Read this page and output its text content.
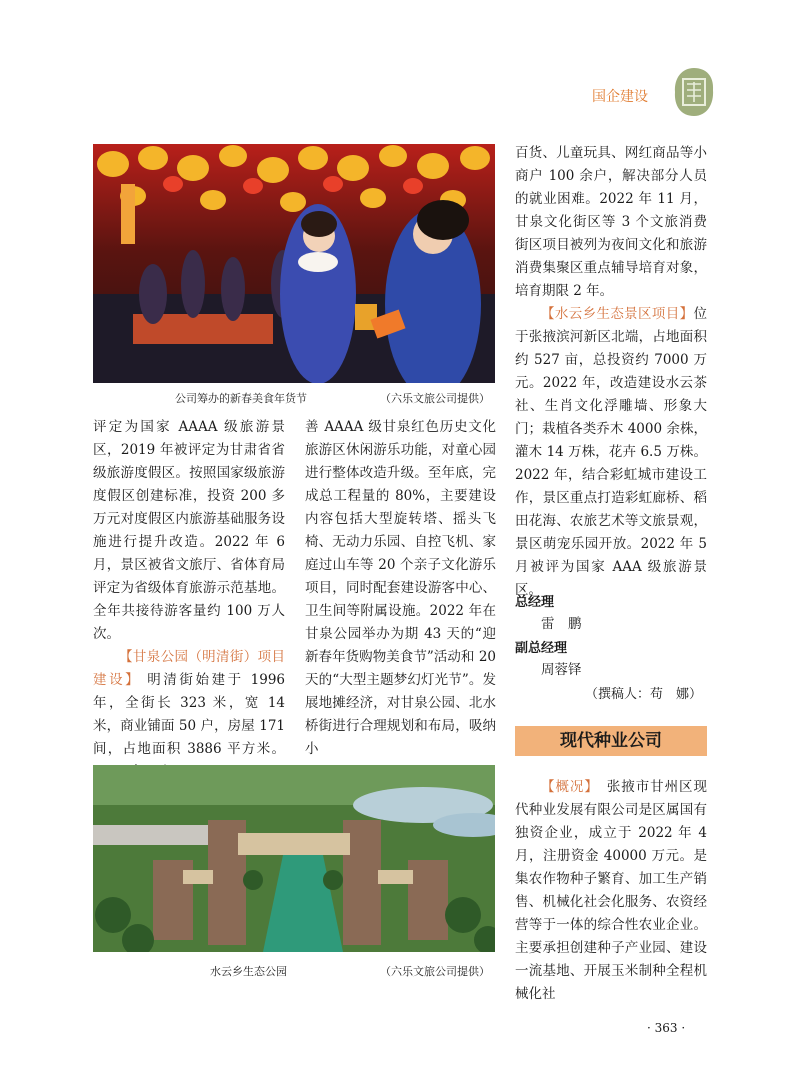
国企建设
公司筹办的新春美食年货节	（六乐文旅公司提供）

评定为国家 AAAA 级旅游景区，2019 年被评定为甘肃省省级旅游度假区。按照国家级旅游度假区创建标准，投资 200 多万元对度假区内旅游基础服务设施进行提升改造。2022 年 6 月，景区被省文旅厅、省体育局评定为省级体育旅游示范基地。全年共接待游客量约 100 万人次。

【甘泉公园（明清街）项目建设】 明清街始建于 1996 年，全街长 323 米，宽 14 米，商业铺面 50 户，房屋 171 间，占地面积 3886 平方米。

善 AAAA 级甘泉红色历史文化旅游区休闲游乐功能，对童心园进行整体改造升级。至年底，完成总工程量的 80%，主要建设内容包括大型旋转塔、摇头飞椅、无动力乐园、自控飞机、家庭过山车等 20 个亲子文化游乐项目，同时配套建设游客中心、卫生间等附属设施。2022 年在甘泉公园举办为期 43 天的“迎新春年货购物美食节”活动和 20 天的“大型主题梦幻灯光节”。发展地摊经济，对甘泉公园、北水桥街进行合理规划和布局，吸纳小

水云乡生态公园	（六乐文旅公司提供）

百货、儿童玩具、网红商品等小商户 100 余户，解决部分人员的就业困难。2022 年 11 月，甘泉文化街区等 3 个文旅消费街区项目被列为夜间文化和旅游消费集聚区重点辅导培育对象，培育期限 2 年。

【水云乡生态景区项目】位于张掖滨河新区北端，占地面积约 527 亩，总投资约 7000 万元。2022 年，改造建设水云茶社、生肖文化浮雕墙、形象大门；栽植各类乔木 4000 余株，灌木 14 万株，花卉 6.5 万株。2022 年，结合彩虹城市建设工作，景区重点打造彩虹廊桥、稻田花海、农旅艺术等文旅景观，景区萌宠乐园开放。2022 年 5 月被评为国家 AAA 级旅游景区。

总经理
雷　鹏
副总经理
周蓉铎
（撰稿人：苟　娜）
现代种业公司

【概况】 张掖市甘州区现代种业发展有限公司是区属国有独资企业，成立于 2022 年 4 月，注册资金 40000 万元。是集农作物种子繁育、加工生产销售、机械化社会化服务、农资经营等于一体的综合性农业企业。主要承担创建种子产业园、建设一流基地、开展玉米制种全程机械化社

· 363 ·
